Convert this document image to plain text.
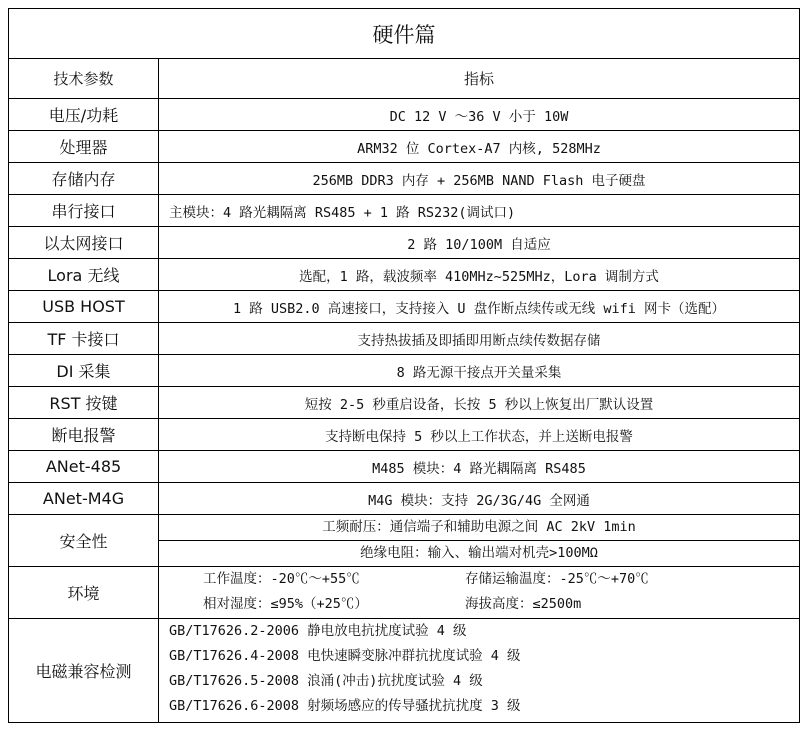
硬件篇	
技术参数	指标
电压/功耗	DC 12 V ～36 V 小于 10W
处理器	ARM32 位 Cortex-A7 内核, 528MHz
存储内存	256MB DDR3 内存 + 256MB NAND Flash 电子硬盘
串行接口	主模块：4 路光耦隔离 RS485 + 1 路 RS232(调试口)
以太网接口	2 路 10/100M 自适应
Lora 无线	选配，1 路，载波频率 410MHz~525MHz，Lora 调制方式
USB HOST	1 路 USB2.0 高速接口，支持接入 U 盘作断点续传或无线 wifi 网卡（选配）
TF 卡接口	支持热拔插及即插即用断点续传数据存储
DI 采集	8 路无源干接点开关量采集
RST 按键	短按 2-5 秒重启设备，长按 5 秒以上恢复出厂默认设置
断电报警	支持断电保持 5 秒以上工作状态，并上送断电报警
ANet-485	M485 模块：4 路光耦隔离 RS485
ANet-M4G	M4G 模块：支持 2G/3G/4G 全网通
安全性	工频耐压：通信端子和辅助电源之间 AC 2kV 1min
绝缘电阻：输入、输出端对机壳>100MΩ

环境	工作温度：-20℃～+55℃ 存储运输温度：-25℃～+70℃
相对湿度：≤95%（+25℃） 海拔高度：≤2500m

电磁兼容检测	GB/T17626.2-2006 静电放电抗扰度试验 4 级
GB/T17626.4-2008 电快速瞬变脉冲群抗扰度试验 4 级
GB/T17626.5-2008 浪涌(冲击)抗扰度试验 4 级
GB/T17626.6-2008 射频场感应的传导骚扰抗扰度 3 级
